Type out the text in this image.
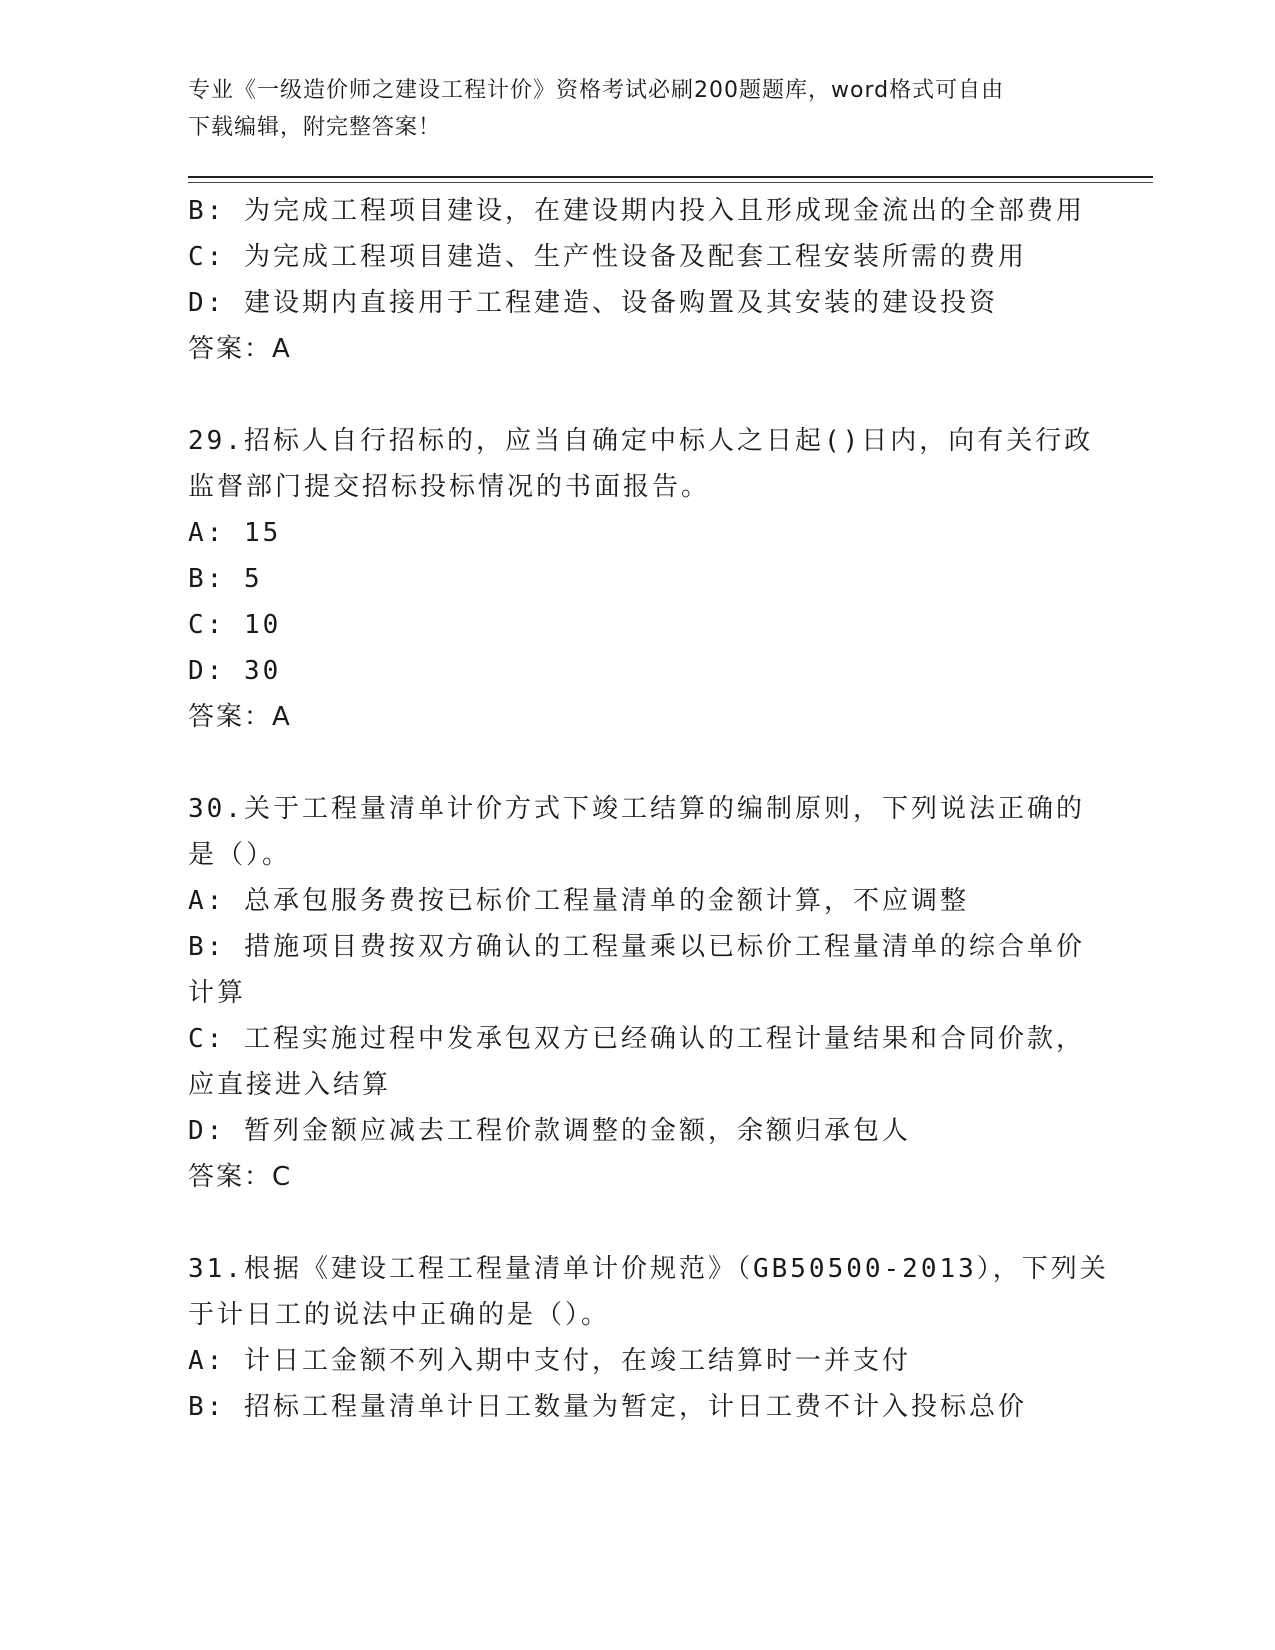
专业《一级造价师之建设工程计价》资格考试必刷200题题库，word格式可自由
下载编辑，附完整答案！

B: 为完成工程项目建设，在建设期内投入且形成现金流出的全部费用

C: 为完成工程项目建造、生产性设备及配套工程安装所需的费用

D: 建设期内直接用于工程建造、设备购置及其安装的建设投资

答案：A

29.招标人自行招标的，应当自确定中标人之日起()日内，向有关行政

监督部门提交招标投标情况的书面报告。

A: 15

B: 5

C: 10

D: 30

答案：A

30.关于工程量清单计价方式下竣工结算的编制原则，下列说法正确的

是（）。

A: 总承包服务费按已标价工程量清单的金额计算，不应调整

B: 措施项目费按双方确认的工程量乘以已标价工程量清单的综合单价

计算

C: 工程实施过程中发承包双方已经确认的工程计量结果和合同价款，

应直接进入结算

D: 暂列金额应减去工程价款调整的金额，余额归承包人

答案：C

31.根据《建设工程工程量清单计价规范》（GB50500-2013），下列关

于计日工的说法中正确的是（）。

A: 计日工金额不列入期中支付，在竣工结算时一并支付

B: 招标工程量清单计日工数量为暂定，计日工费不计入投标总价
